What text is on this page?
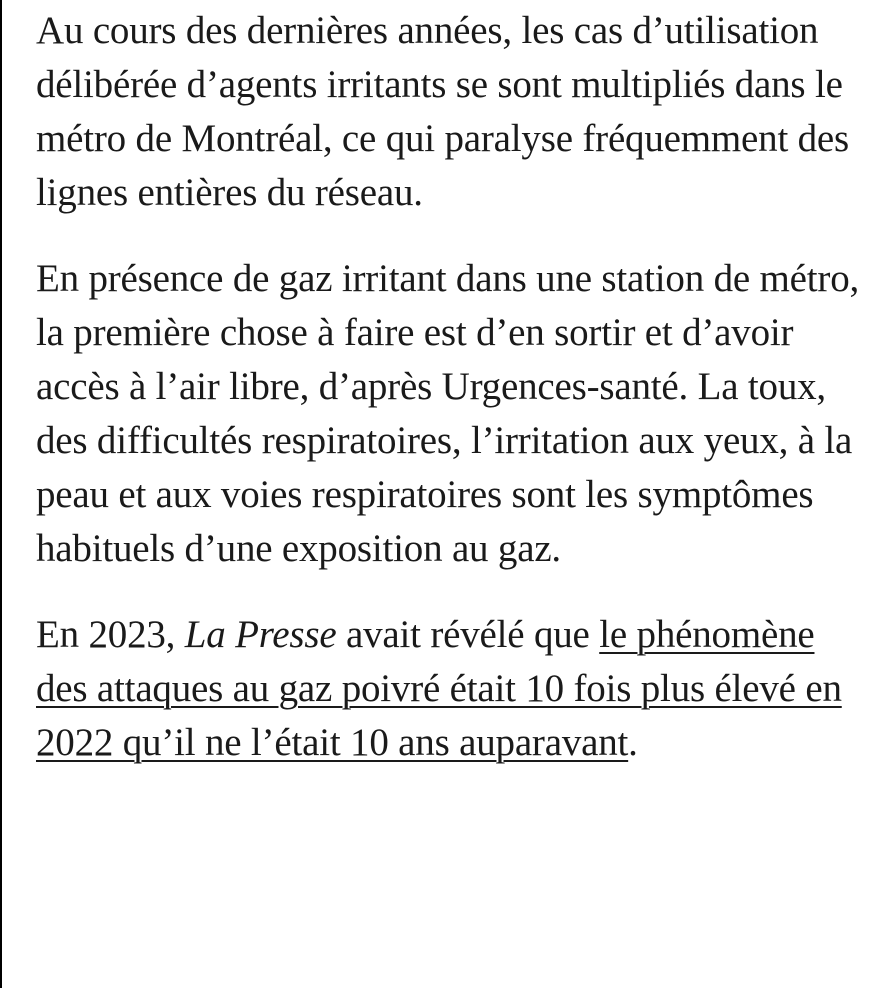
Au cours des dernières années, les cas d’utilisation délibérée d’agents irritants se sont multipliés dans le métro de Montréal, ce qui paralyse fréquemment des lignes entières du réseau.

En présence de gaz irritant dans une station de métro, la première chose à faire est d’en sortir et d’avoir accès à l’air libre, d’après Urgences-santé. La toux, des difficultés respiratoires, l’irritation aux yeux, à la peau et aux voies respiratoires sont les symptômes habituels d’une exposition au gaz.

En 2023, La Presse avait révélé que le phénomène des attaques au gaz poivré était 10 fois plus élevé en 2022 qu’il ne l’était 10 ans auparavant.
